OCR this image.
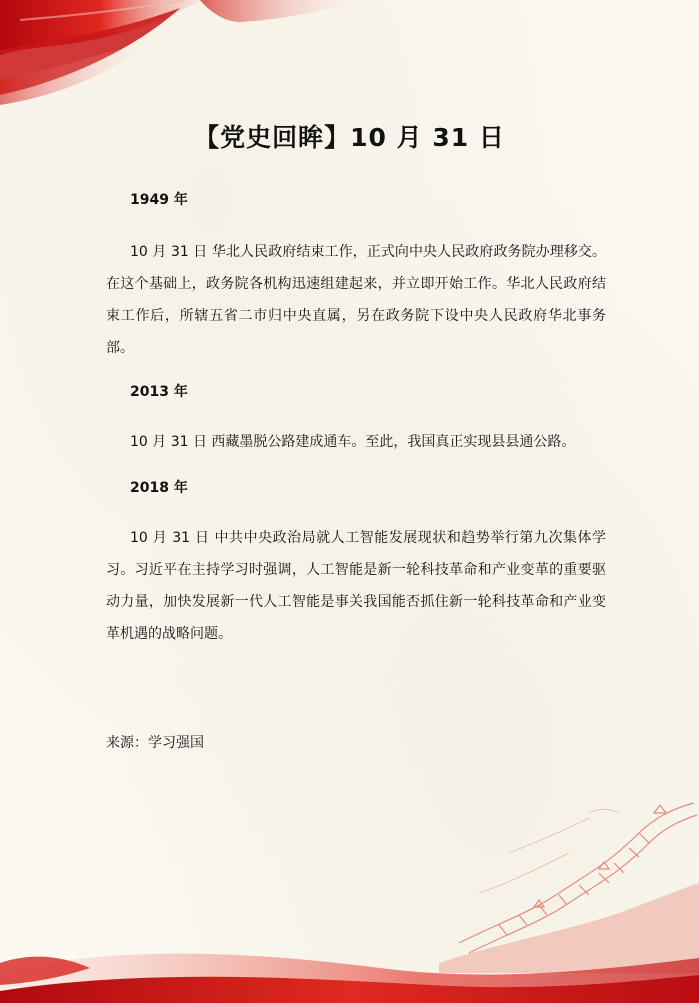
【党史回眸】10 月 31 日
1949 年

10 月 31 日 华北人民政府结束工作，正式向中央人民政府政务院办理移交。在这个基础上，政务院各机构迅速组建起来，并立即开始工作。华北人民政府结束工作后，所辖五省二市归中央直属，另在政务院下设中央人民政府华北事务部。

2013 年

10 月 31 日 西藏墨脱公路建成通车。至此，我国真正实现县县通公路。

2018 年

10 月 31 日 中共中央政治局就人工智能发展现状和趋势举行第九次集体学习。习近平在主持学习时强调，人工智能是新一轮科技革命和产业变革的重要驱动力量，加快发展新一代人工智能是事关我国能否抓住新一轮科技革命和产业变革机遇的战略问题。

来源：学习强国
